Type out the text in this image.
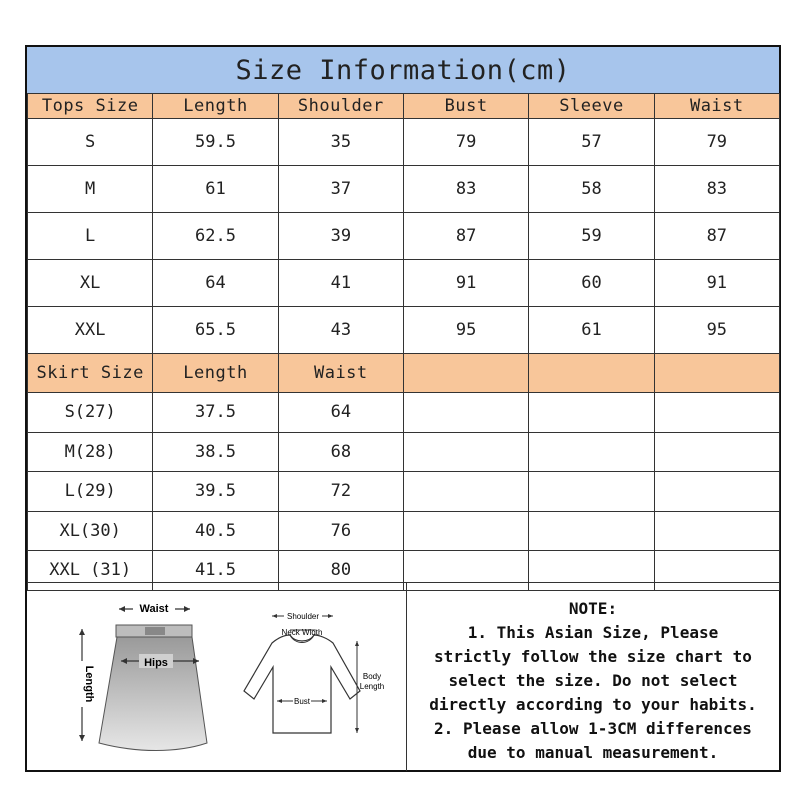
Size Information(cm)
Tops Size	Length	Shoulder	Bust	Sleeve	Waist
S	59.5	35	79	57	79
M	61	37	83	58	83
L	62.5	39	87	59	87
XL	64	41	91	60	91
XXL	65.5	43	95	61	95
Skirt Size	Length	Waist			
S(27)	37.5	64			
M(28)	38.5	68			
L(29)	39.5	72			
XL(30)	40.5	76			
XXL (31)	41.5	80			
Waist
Hips
Length
Shoulder
Neck Width
Bust
Body
Length
NOTE:
1. This Asian Size, Please
strictly follow the size chart to
select the size. Do not select
directly according to your habits.
2. Please allow 1-3CM differences
due to manual measurement.
